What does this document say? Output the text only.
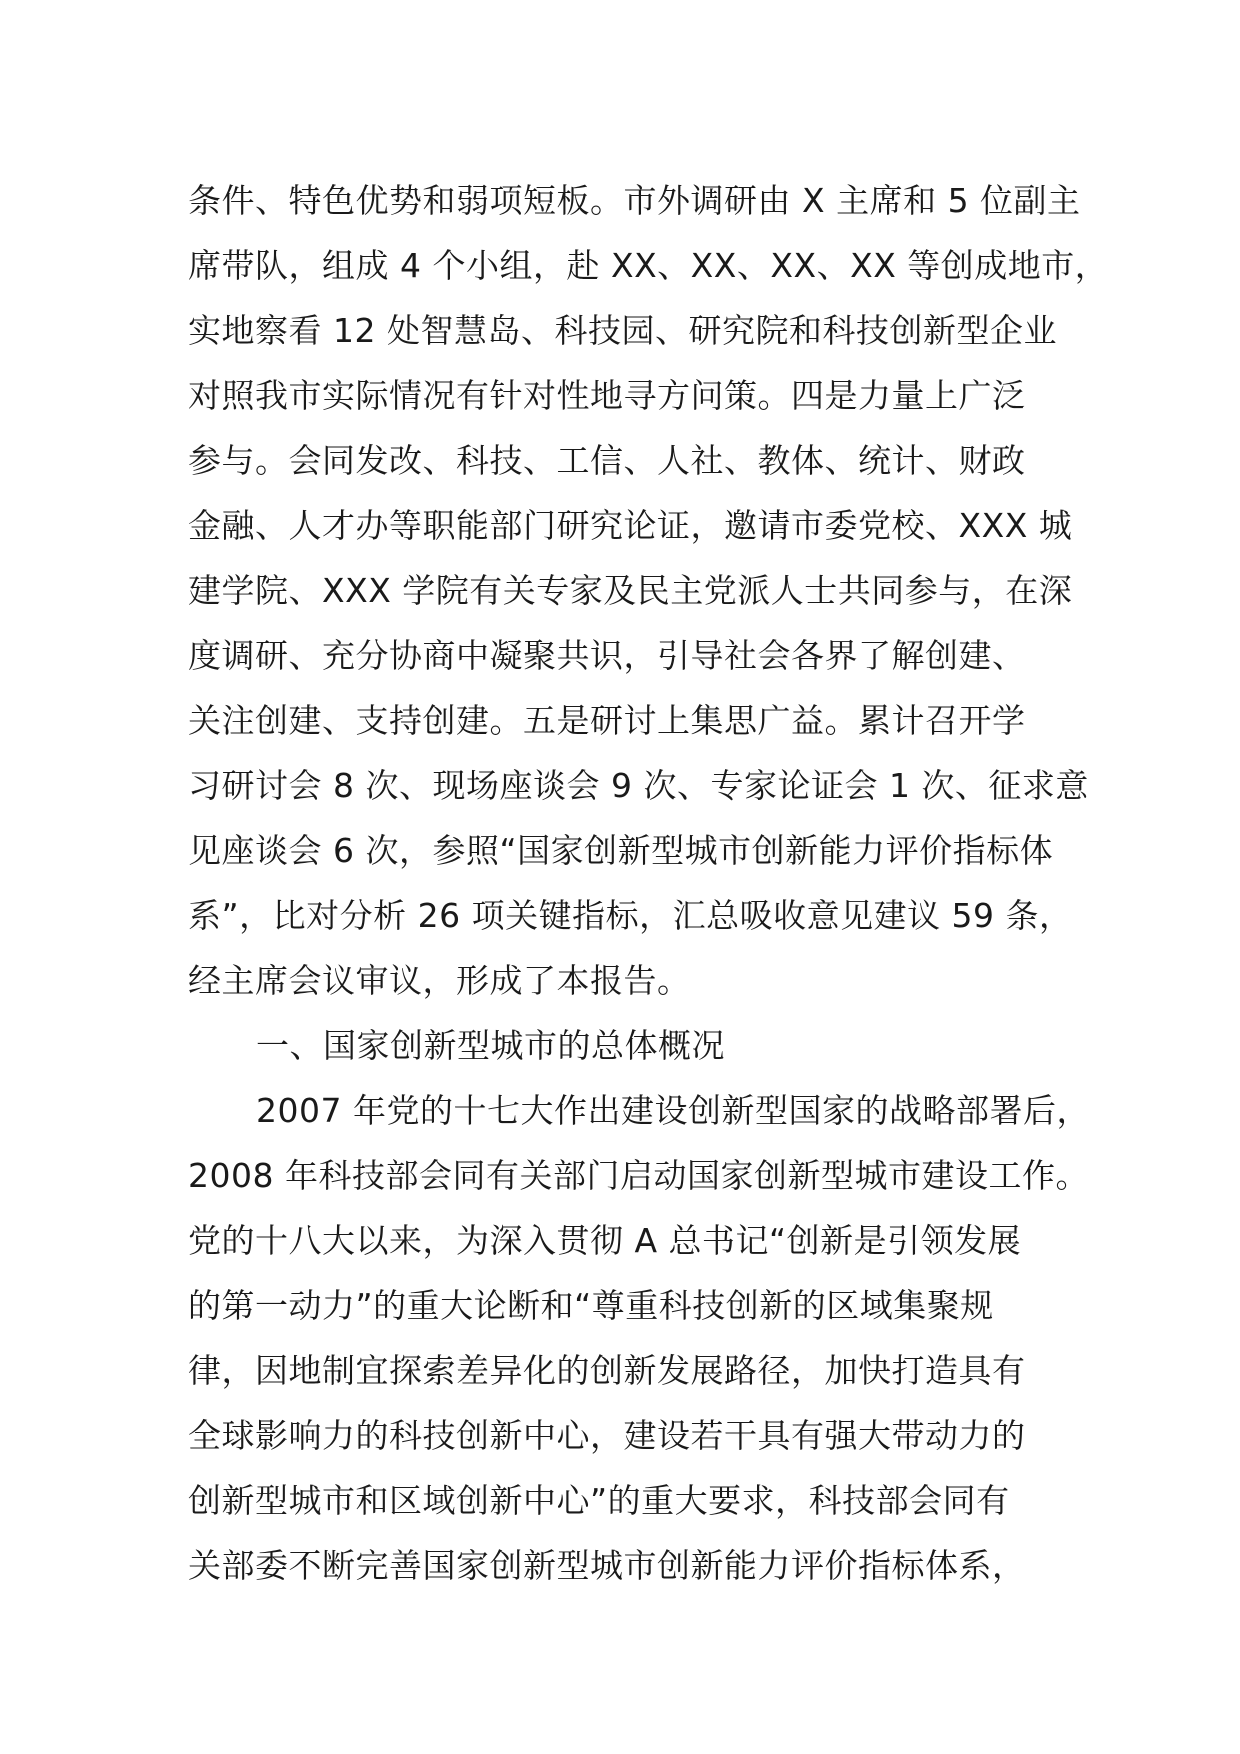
条件、特色优势和弱项短板。市外调研由 X 主席和 5 位副主
席带队，组成 4 个小组，赴 XX、XX、XX、XX 等创成地市，
实地察看 12 处智慧岛、科技园、研究院和科技创新型企业
对照我市实际情况有针对性地寻方问策。四是力量上广泛
参与。会同发改、科技、工信、人社、教体、统计、财政
金融、人才办等职能部门研究论证，邀请市委党校、XXX 城
建学院、XXX 学院有关专家及民主党派人士共同参与，在深
度调研、充分协商中凝聚共识，引导社会各界了解创建、
关注创建、支持创建。五是研讨上集思广益。累计召开学
习研讨会 8 次、现场座谈会 9 次、专家论证会 1 次、征求意
见座谈会 6 次，参照“国家创新型城市创新能力评价指标体
系”，比对分析 26 项关键指标，汇总吸收意见建议 59 条，
经主席会议审议，形成了本报告。
一、国家创新型城市的总体概况
2007 年党的十七大作出建设创新型国家的战略部署后，
2008 年科技部会同有关部门启动国家创新型城市建设工作。
党的十八大以来，为深入贯彻 A 总书记“创新是引领发展
的第一动力”的重大论断和“尊重科技创新的区域集聚规
律，因地制宜探索差异化的创新发展路径，加快打造具有
全球影响力的科技创新中心，建设若干具有强大带动力的
创新型城市和区域创新中心”的重大要求，科技部会同有
关部委不断完善国家创新型城市创新能力评价指标体系，
